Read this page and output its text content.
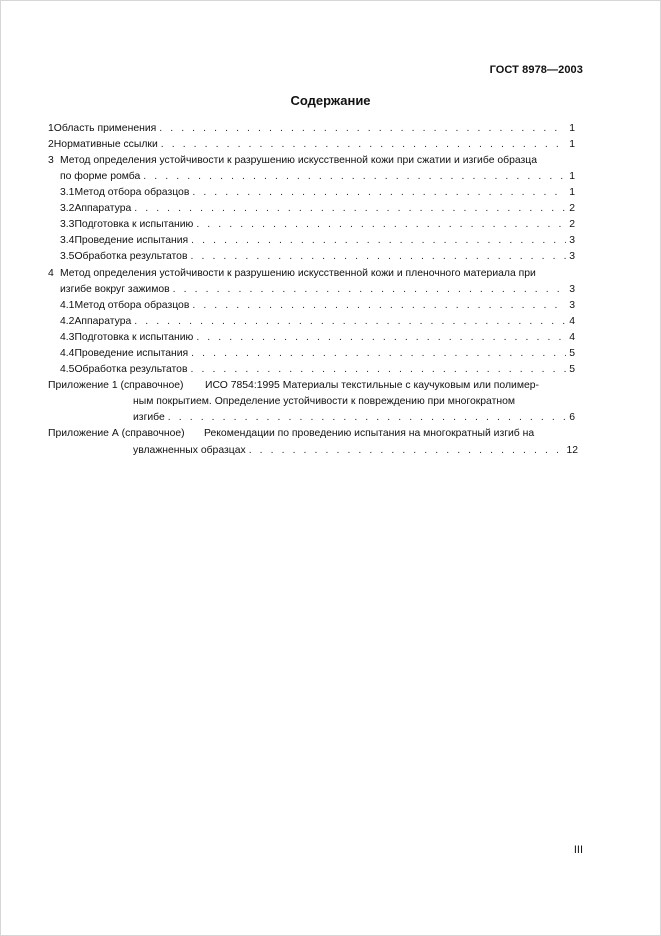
ГОСТ 8978—2003
Содержание
1 Область применения . . .	1
2 Нормативные ссылки . . .	1
3 Метод определения устойчивости к разрушению искусственной кожи при сжатии и изгибе образца
по форме ромба . . .	1
3.1 Метод отбора образцов . . .	1
3.2 Аппаратура . . .	2
3.3 Подготовка к испытанию . . .	2
3.4 Проведение испытания . . .	3
3.5 Обработка результатов . . .	3
4 Метод определения устойчивости к разрушению искусственной кожи и пленочного материала при
изгибе вокруг зажимов . . .	3
4.1 Метод отбора образцов . . .	3
4.2 Аппаратура . . .	4
4.3 Подготовка к испытанию . . .	4
4.4 Проведение испытания . . .	5
4.5 Обработка результатов . . .	5
Приложение 1 (справочное)	ИСО 7854:1995 Материалы текстильные с каучуковым или полимер-
ным покрытием. Определение устойчивости к повреждению при многократном
изгибе . . .	6
Приложение А (справочное)	Рекомендации по проведению испытания на многократный изгиб на
увлажненных образцах . . .	12
III
